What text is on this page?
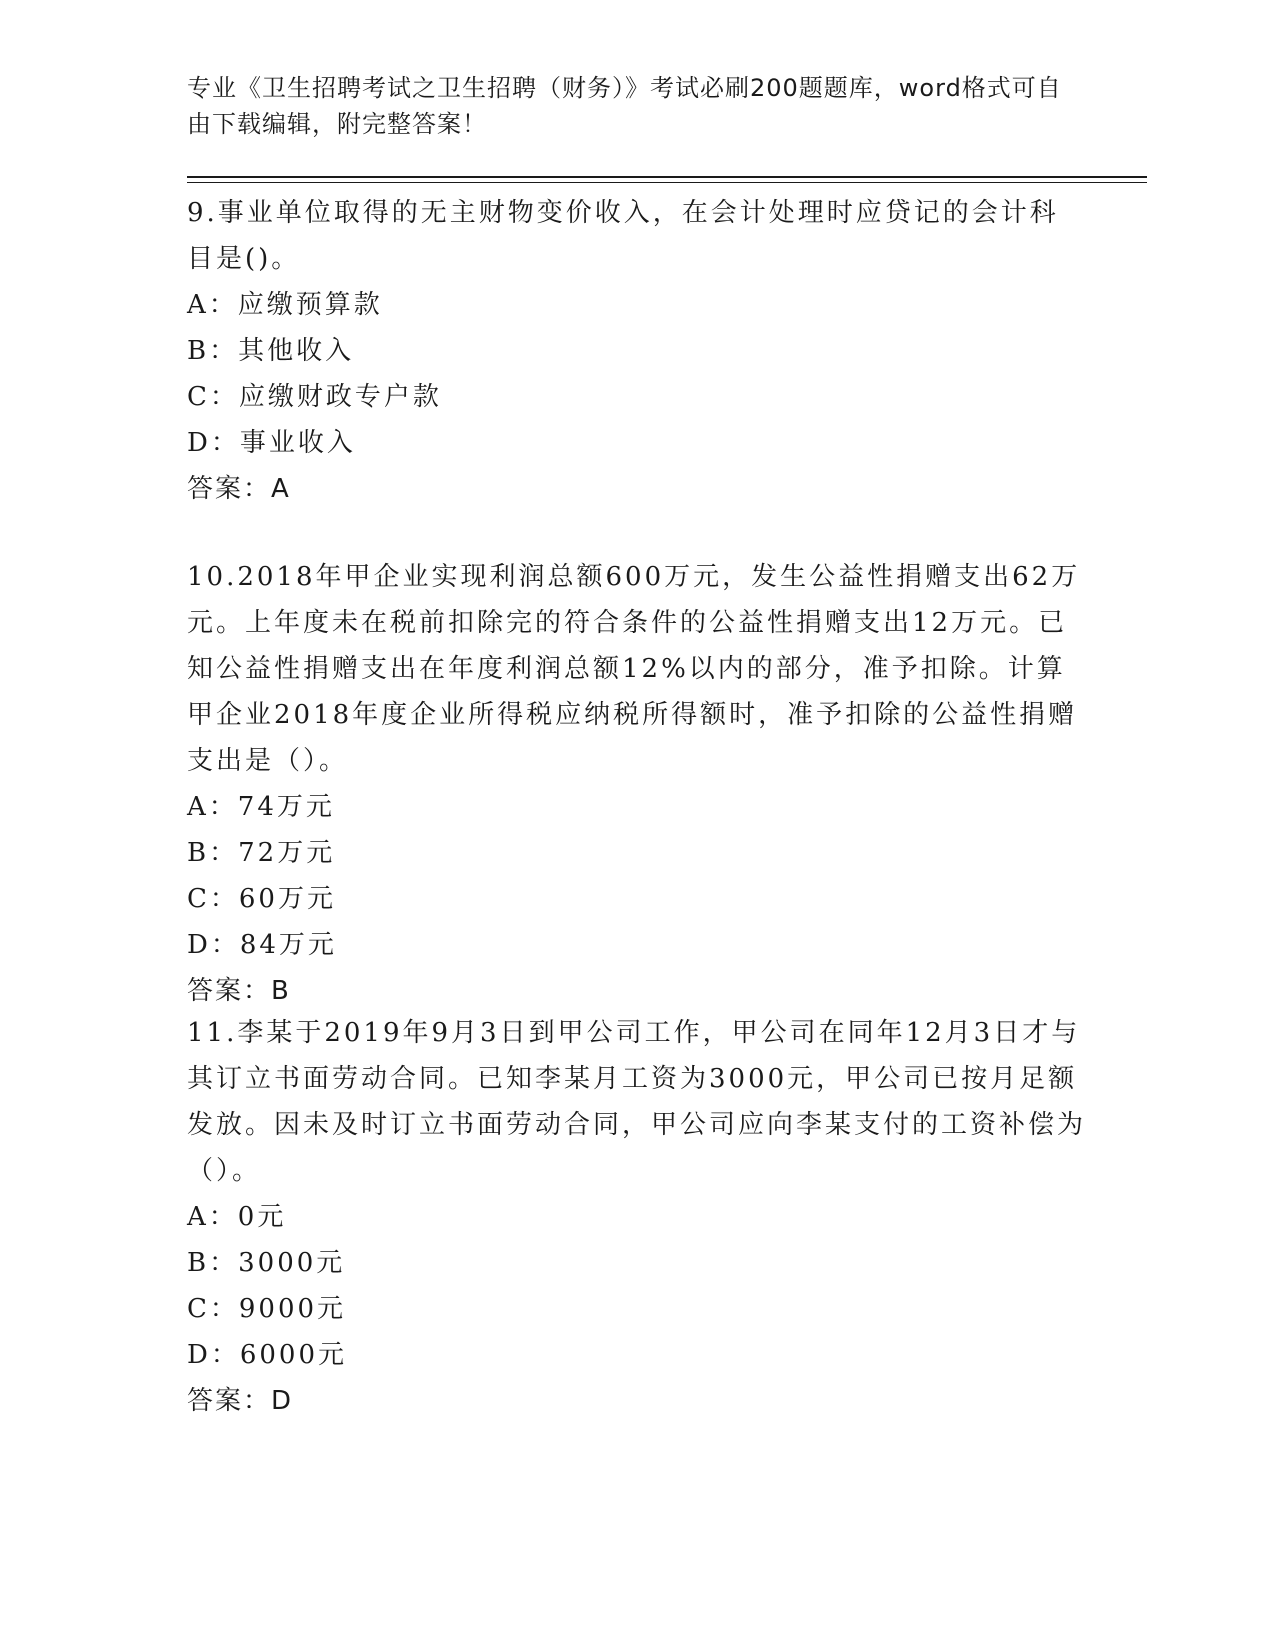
专业《卫生招聘考试之卫生招聘（财务）》考试必刷200题题库，word格式可自由下载编辑，附完整答案！

9.事业单位取得的无主财物变价收入，在会计处理时应贷记的会计科目是()。

A：应缴预算款

B：其他收入

C：应缴财政专户款

D：事业收入

答案：A

10.2018年甲企业实现利润总额600万元，发生公益性捐赠支出62万元。上年度未在税前扣除完的符合条件的公益性捐赠支出12万元。已知公益性捐赠支出在年度利润总额12%以内的部分，准予扣除。计算甲企业2018年度企业所得税应纳税所得额时，准予扣除的公益性捐赠支出是（）。

A：74万元

B：72万元

C：60万元

D：84万元

答案：B

11.李某于2019年9月3日到甲公司工作，甲公司在同年12月3日才与其订立书面劳动合同。已知李某月工资为3000元，甲公司已按月足额发放。因未及时订立书面劳动合同，甲公司应向李某支付的工资补偿为（）。

A：0元

B：3000元

C：9000元

D：6000元

答案：D
